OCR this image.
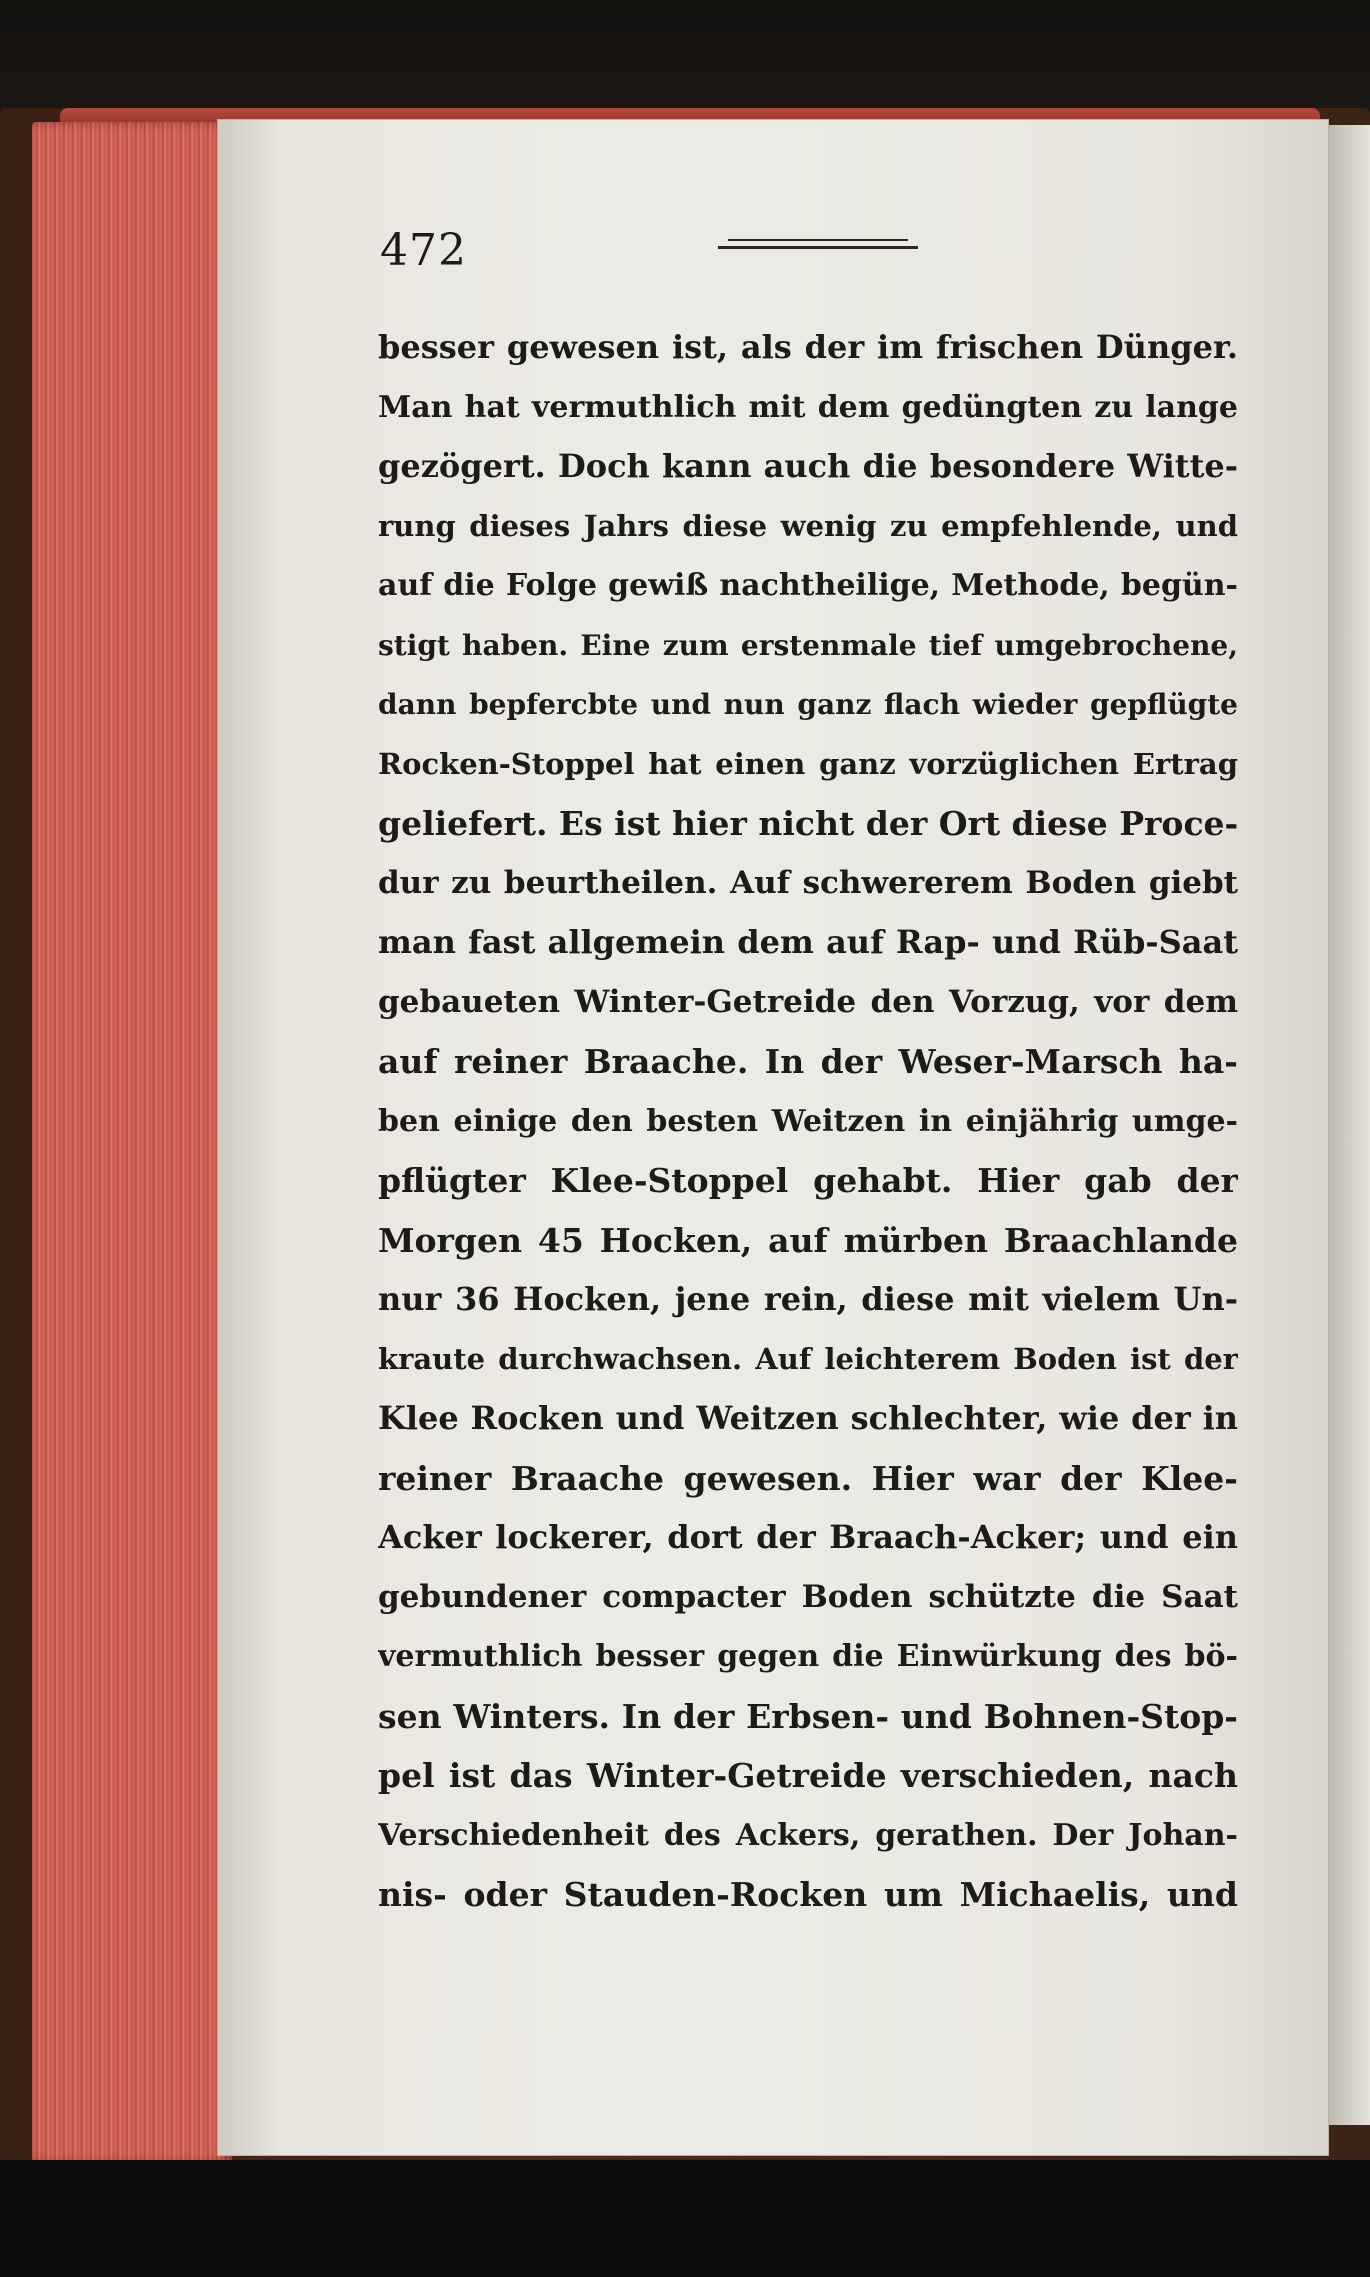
472
besser gewesen ist, als der im frischen Dünger.
Man hat vermuthlich mit dem gedüngten zu lange
gezögert. Doch kann auch die besondere Witte-
rung dieses Jahrs diese wenig zu empfehlende, und
auf die Folge gewiß nachtheilige, Methode, begün-
stigt haben. Eine zum erstenmale tief umgebrochene,
dann bepfercbte und nun ganz flach wieder gepflügte
Rocken-Stoppel hat einen ganz vorzüglichen Ertrag
geliefert. Es ist hier nicht der Ort diese Proce-
dur zu beurtheilen. Auf schwererem Boden giebt
man fast allgemein dem auf Rap- und Rüb-Saat
gebaueten Winter-Getreide den Vorzug, vor dem
auf reiner Braache. In der Weser-Marsch ha-
ben einige den besten Weitzen in einjährig umge-
pflügter Klee-Stoppel gehabt. Hier gab der
Morgen 45 Hocken, auf mürben Braachlande
nur 36 Hocken, jene rein, diese mit vielem Un-
kraute durchwachsen. Auf leichterem Boden ist der
Klee Rocken und Weitzen schlechter, wie der in
reiner Braache gewesen. Hier war der Klee-
Acker lockerer, dort der Braach-Acker; und ein
gebundener compacter Boden schützte die Saat
vermuthlich besser gegen die Einwürkung des bö-
sen Winters. In der Erbsen- und Bohnen-Stop-
pel ist das Winter-Getreide verschieden, nach
Verschiedenheit des Ackers, gerathen. Der Johan-
nis- oder Stauden-Rocken um Michaelis, und
